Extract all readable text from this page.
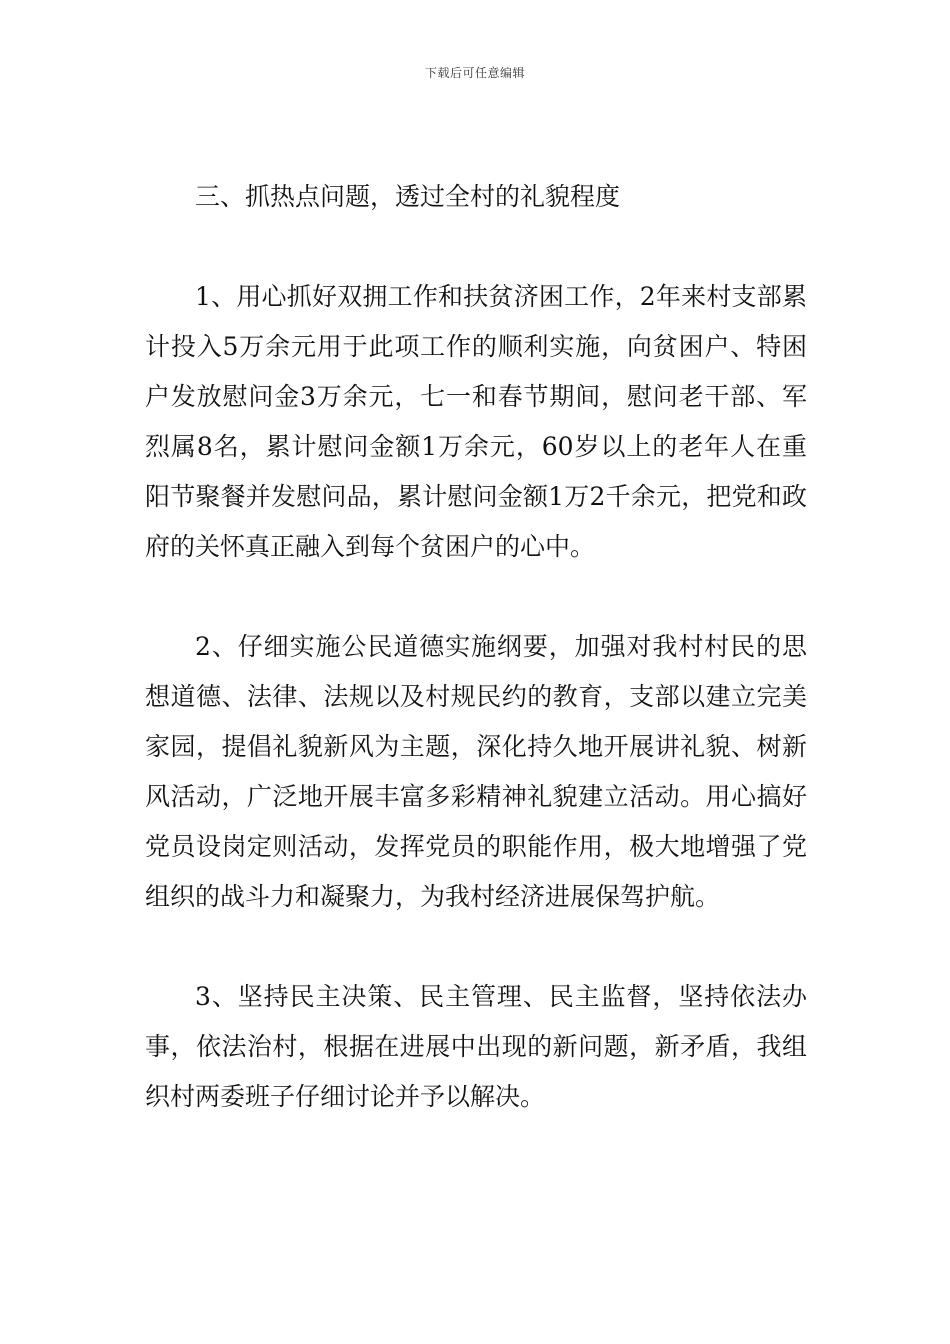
下载后可任意编辑

三、抓热点问题，透过全村的礼貌程度

1、用心抓好双拥工作和扶贫济困工作，2年来村支部累计投入5万余元用于此项工作的顺利实施，向贫困户、特困户发放慰问金3万余元，七一和春节期间，慰问老干部、军烈属8名，累计慰问金额1万余元，60岁以上的老年人在重阳节聚餐并发慰问品，累计慰问金额1万2千余元，把党和政府的关怀真正融入到每个贫困户的心中。

2、仔细实施公民道德实施纲要，加强对我村村民的思想道德、法律、法规以及村规民约的教育，支部以建立完美家园，提倡礼貌新风为主题，深化持久地开展讲礼貌、树新风活动，广泛地开展丰富多彩精神礼貌建立活动。用心搞好党员设岗定则活动，发挥党员的职能作用，极大地增强了党组织的战斗力和凝聚力，为我村经济进展保驾护航。

3、坚持民主决策、民主管理、民主监督，坚持依法办事，依法治村，根据在进展中出现的新问题，新矛盾，我组织村两委班子仔细讨论并予以解决。
